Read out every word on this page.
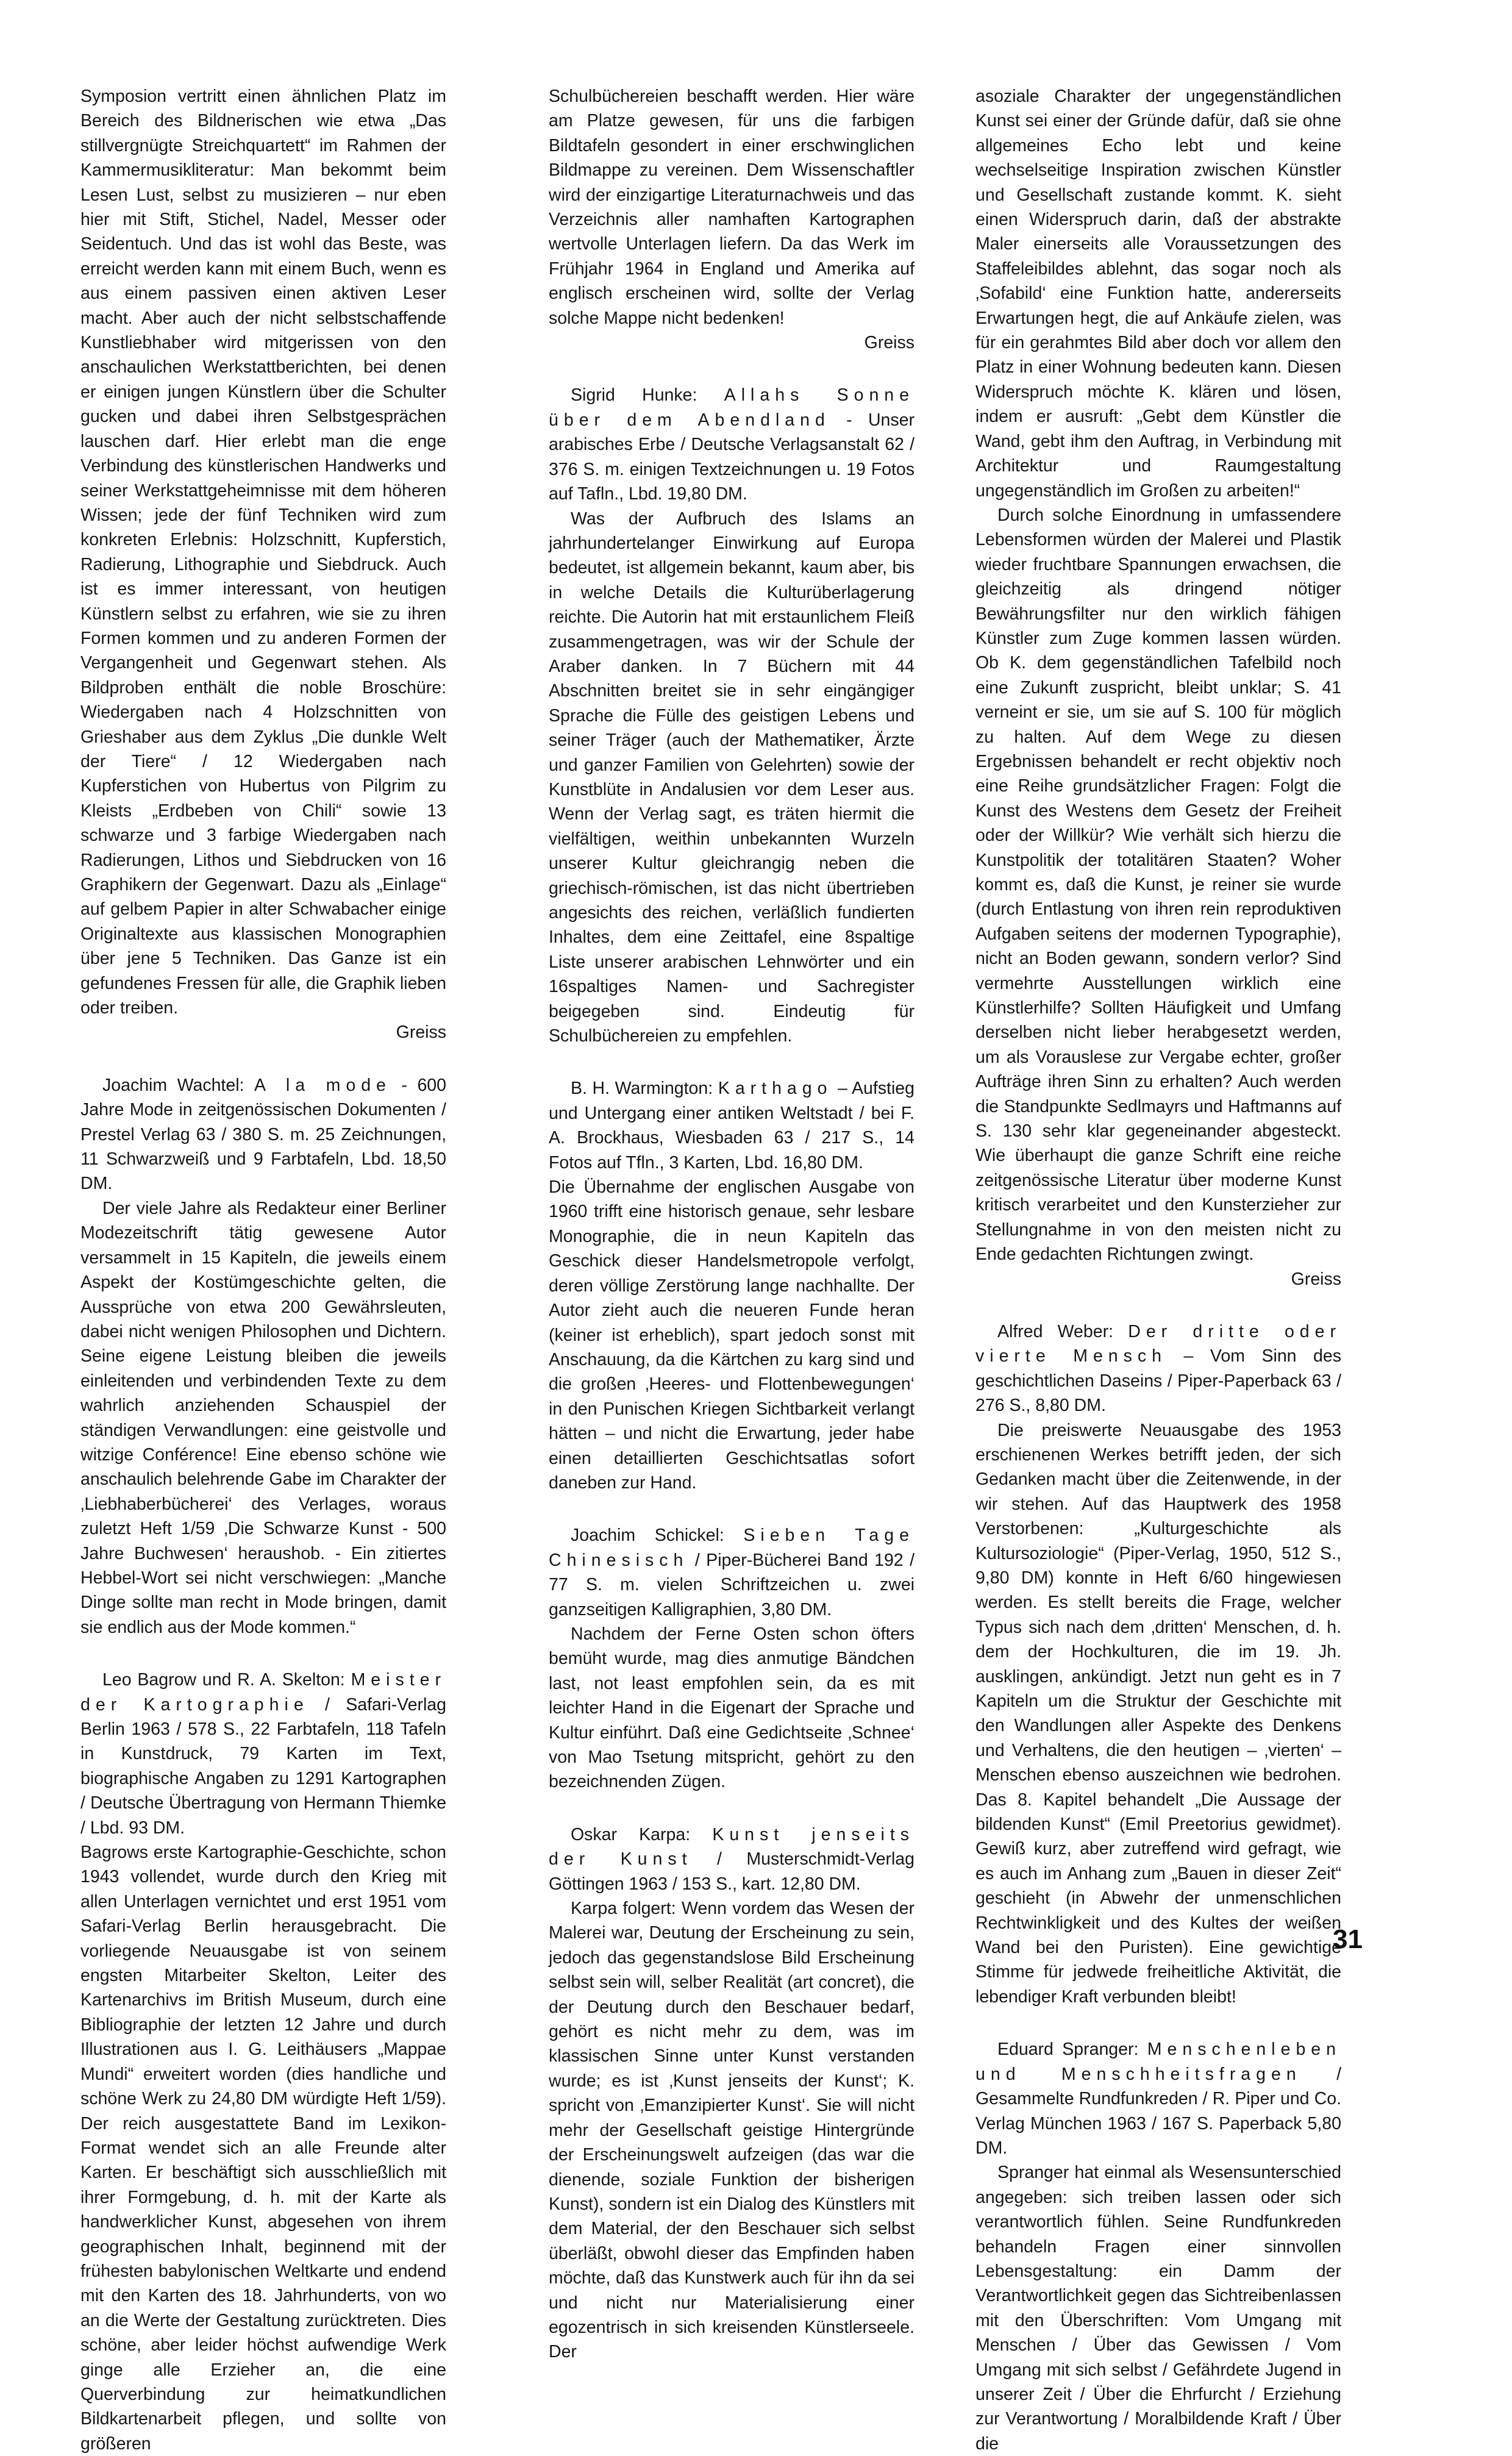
Symposion vertritt einen ähnlichen Platz im Bereich des Bildnerischen wie etwa „Das stillvergnügte Streichquartett“ im Rahmen der Kammermusikliteratur: Man bekommt beim Lesen Lust, selbst zu musizieren – nur eben hier mit Stift, Stichel, Nadel, Messer oder Seidentuch. Und das ist wohl das Beste, was erreicht werden kann mit einem Buch, wenn es aus einem passiven einen aktiven Leser macht. Aber auch der nicht selbstschaffende Kunstliebhaber wird mitgerissen von den anschaulichen Werkstattberichten, bei denen er einigen jungen Künstlern über die Schulter gucken und dabei ihren Selbstgesprächen lauschen darf. Hier erlebt man die enge Verbindung des künstlerischen Handwerks und seiner Werkstattgeheimnisse mit dem höheren Wissen; jede der fünf Techniken wird zum konkreten Erlebnis: Holzschnitt, Kupferstich, Radierung, Lithographie und Siebdruck. Auch ist es immer interessant, von heutigen Künstlern selbst zu erfahren, wie sie zu ihren Formen kommen und zu anderen Formen der Vergangenheit und Gegenwart stehen. Als Bildproben enthält die noble Broschüre: Wiedergaben nach 4 Holzschnitten von Grieshaber aus dem Zyklus „Die dunkle Welt der Tiere“ / 12 Wiedergaben nach Kupferstichen von Hubertus von Pilgrim zu Kleists „Erdbeben von Chili“ sowie 13 schwarze und 3 farbige Wiedergaben nach Radierungen, Lithos und Siebdrucken von 16 Graphikern der Gegenwart. Dazu als „Einlage“ auf gelbem Papier in alter Schwabacher einige Originaltexte aus klassischen Monographien über jene 5 Techniken. Das Ganze ist ein gefundenes Fressen für alle, die Graphik lieben oder treiben.

Greiss

Joachim Wachtel: A la mode - 600 Jahre Mode in zeitgenössischen Dokumenten / Prestel Verlag 63 / 380 S. m. 25 Zeichnungen, 11 Schwarzweiß und 9 Farbtafeln, Lbd. 18,50 DM.

Der viele Jahre als Redakteur einer Berliner Modezeitschrift tätig gewesene Autor versammelt in 15 Kapiteln, die jeweils einem Aspekt der Kostümgeschichte gelten, die Aussprüche von etwa 200 Gewährsleuten, dabei nicht wenigen Philosophen und Dichtern. Seine eigene Leistung bleiben die jeweils einleitenden und verbindenden Texte zu dem wahrlich anziehenden Schauspiel der ständigen Verwandlungen: eine geistvolle und witzige Conférence! Eine ebenso schöne wie anschaulich belehrende Gabe im Charakter der ‚Liebhaberbücherei‘ des Verlages, woraus zuletzt Heft 1/59 ‚Die Schwarze Kunst - 500 Jahre Buchwesen‘ heraushob. - Ein zitiertes Hebbel-Wort sei nicht verschwiegen: „Manche Dinge sollte man recht in Mode bringen, damit sie endlich aus der Mode kommen.“

Leo Bagrow und R. A. Skelton: Meister der Kartographie / Safari-Verlag Berlin 1963 / 578 S., 22 Farbtafeln, 118 Tafeln in Kunstdruck, 79 Karten im Text, biographische Angaben zu 1291 Kartographen / Deutsche Übertragung von Hermann Thiemke / Lbd. 93 DM.

Bagrows erste Kartographie-Geschichte, schon 1943 vollendet, wurde durch den Krieg mit allen Unterlagen vernichtet und erst 1951 vom Safari-Verlag Berlin herausgebracht. Die vorliegende Neuausgabe ist von seinem engsten Mitarbeiter Skelton, Leiter des Kartenarchivs im British Museum, durch eine Bibliographie der letzten 12 Jahre und durch Illustrationen aus I. G. Leithäusers „Mappae Mundi“ erweitert worden (dies handliche und schöne Werk zu 24,80 DM würdigte Heft 1/59). Der reich ausgestattete Band im Lexikon-Format wendet sich an alle Freunde alter Karten. Er beschäftigt sich ausschließlich mit ihrer Formgebung, d. h. mit der Karte als handwerklicher Kunst, abgesehen von ihrem geographischen Inhalt, beginnend mit der frühesten babylonischen Weltkarte und endend mit den Karten des 18. Jahrhunderts, von wo an die Werte der Gestaltung zurücktreten. Dies schöne, aber leider höchst aufwendige Werk ginge alle Erzieher an, die eine Querverbindung zur heimatkundlichen Bildkartenarbeit pflegen, und sollte von größeren

Schulbüchereien beschafft werden. Hier wäre am Platze gewesen, für uns die farbigen Bildtafeln gesondert in einer erschwinglichen Bildmappe zu vereinen. Dem Wissenschaftler wird der einzigartige Literaturnachweis und das Verzeichnis aller namhaften Kartographen wertvolle Unterlagen liefern. Da das Werk im Frühjahr 1964 in England und Amerika auf englisch erscheinen wird, sollte der Verlag solche Mappe nicht bedenken!

Greiss

Sigrid Hunke: Allahs Sonne über dem Abendland - Unser arabisches Erbe / Deutsche Verlagsanstalt 62 / 376 S. m. einigen Textzeichnungen u. 19 Fotos auf Tafln., Lbd. 19,80 DM.

Was der Aufbruch des Islams an jahrhundertelanger Einwirkung auf Europa bedeutet, ist allgemein bekannt, kaum aber, bis in welche Details die Kulturüberlagerung reichte. Die Autorin hat mit erstaunlichem Fleiß zusammengetragen, was wir der Schule der Araber danken. In 7 Büchern mit 44 Abschnitten breitet sie in sehr eingängiger Sprache die Fülle des geistigen Lebens und seiner Träger (auch der Mathematiker, Ärzte und ganzer Familien von Gelehrten) sowie der Kunstblüte in Andalusien vor dem Leser aus. Wenn der Verlag sagt, es träten hiermit die vielfältigen, weithin unbekannten Wurzeln unserer Kultur gleichrangig neben die griechisch-römischen, ist das nicht übertrieben angesichts des reichen, verläßlich fundierten Inhaltes, dem eine Zeittafel, eine 8spaltige Liste unserer arabischen Lehnwörter und ein 16spaltiges Namen- und Sachregister beigegeben sind. Eindeutig für Schulbüchereien zu empfehlen.

B. H. Warmington: Karthago – Aufstieg und Untergang einer antiken Weltstadt / bei F. A. Brockhaus, Wiesbaden 63 / 217 S., 14 Fotos auf Tfln., 3 Karten, Lbd. 16,80 DM.

Die Übernahme der englischen Ausgabe von 1960 trifft eine historisch genaue, sehr lesbare Monographie, die in neun Kapiteln das Geschick dieser Handelsmetropole verfolgt, deren völlige Zerstörung lange nachhallte. Der Autor zieht auch die neueren Funde heran (keiner ist erheblich), spart jedoch sonst mit Anschauung, da die Kärtchen zu karg sind und die großen ‚Heeres- und Flottenbewegungen‘ in den Punischen Kriegen Sichtbarkeit verlangt hätten – und nicht die Erwartung, jeder habe einen detaillierten Geschichtsatlas sofort daneben zur Hand.

Joachim Schickel: Sieben Tage Chinesisch / Piper-Bücherei Band 192 / 77 S. m. vielen Schriftzeichen u. zwei ganzseitigen Kalligraphien, 3,80 DM.

Nachdem der Ferne Osten schon öfters bemüht wurde, mag dies anmutige Bändchen last, not least empfohlen sein, da es mit leichter Hand in die Eigenart der Sprache und Kultur einführt. Daß eine Gedichtseite ‚Schnee‘ von Mao Tsetung mitspricht, gehört zu den bezeichnenden Zügen.

Oskar Karpa: Kunst jenseits der Kunst / Musterschmidt-Verlag Göttingen 1963 / 153 S., kart. 12,80 DM.

Karpa folgert: Wenn vordem das Wesen der Malerei war, Deutung der Erscheinung zu sein, jedoch das gegenstandslose Bild Erscheinung selbst sein will, selber Realität (art concret), die der Deutung durch den Beschauer bedarf, gehört es nicht mehr zu dem, was im klassischen Sinne unter Kunst verstanden wurde; es ist ‚Kunst jenseits der Kunst‘; K. spricht von ‚Emanzipierter Kunst‘. Sie will nicht mehr der Gesellschaft geistige Hintergründe der Erscheinungswelt aufzeigen (das war die dienende, soziale Funktion der bisherigen Kunst), sondern ist ein Dialog des Künstlers mit dem Material, der den Beschauer sich selbst überläßt, obwohl dieser das Empfinden haben möchte, daß das Kunstwerk auch für ihn da sei und nicht nur Materialisierung einer egozentrisch in sich kreisenden Künstlerseele. Der

asoziale Charakter der ungegenständlichen Kunst sei einer der Gründe dafür, daß sie ohne allgemeines Echo lebt und keine wechselseitige Inspiration zwischen Künstler und Gesellschaft zustande kommt. K. sieht einen Widerspruch darin, daß der abstrakte Maler einerseits alle Voraussetzungen des Staffeleibildes ablehnt, das sogar noch als ‚Sofabild‘ eine Funktion hatte, andererseits Erwartungen hegt, die auf Ankäufe zielen, was für ein gerahmtes Bild aber doch vor allem den Platz in einer Wohnung bedeuten kann. Diesen Widerspruch möchte K. klären und lösen, indem er ausruft: „Gebt dem Künstler die Wand, gebt ihm den Auftrag, in Verbindung mit Architektur und Raumgestaltung ungegenständlich im Großen zu arbeiten!“

Durch solche Einordnung in umfassendere Lebensformen würden der Malerei und Plastik wieder fruchtbare Spannungen erwachsen, die gleichzeitig als dringend nötiger Bewährungsfilter nur den wirklich fähigen Künstler zum Zuge kommen lassen würden. Ob K. dem gegenständlichen Tafelbild noch eine Zukunft zuspricht, bleibt unklar; S. 41 verneint er sie, um sie auf S. 100 für möglich zu halten. Auf dem Wege zu diesen Ergebnissen behandelt er recht objektiv noch eine Reihe grundsätzlicher Fragen: Folgt die Kunst des Westens dem Gesetz der Freiheit oder der Willkür? Wie verhält sich hierzu die Kunstpolitik der totalitären Staaten? Woher kommt es, daß die Kunst, je reiner sie wurde (durch Entlastung von ihren rein reproduktiven Aufgaben seitens der modernen Typographie), nicht an Boden gewann, sondern verlor? Sind vermehrte Ausstellungen wirklich eine Künstlerhilfe? Sollten Häufigkeit und Umfang derselben nicht lieber herabgesetzt werden, um als Vorauslese zur Vergabe echter, großer Aufträge ihren Sinn zu erhalten? Auch werden die Standpunkte Sedlmayrs und Haftmanns auf S. 130 sehr klar gegeneinander abgesteckt. Wie überhaupt die ganze Schrift eine reiche zeitgenössische Literatur über moderne Kunst kritisch verarbeitet und den Kunsterzieher zur Stellungnahme in von den meisten nicht zu Ende gedachten Richtungen zwingt.

Greiss

Alfred Weber: Der dritte oder vierte Mensch – Vom Sinn des geschichtlichen Daseins / Piper-Paperback 63 / 276 S., 8,80 DM.

Die preiswerte Neuausgabe des 1953 erschienenen Werkes betrifft jeden, der sich Gedanken macht über die Zeitenwende, in der wir stehen. Auf das Hauptwerk des 1958 Verstorbenen: „Kulturgeschichte als Kultursoziologie“ (Piper-Verlag, 1950, 512 S., 9,80 DM) konnte in Heft 6/60 hingewiesen werden. Es stellt bereits die Frage, welcher Typus sich nach dem ‚dritten‘ Menschen, d. h. dem der Hochkulturen, die im 19. Jh. ausklingen, ankündigt. Jetzt nun geht es in 7 Kapiteln um die Struktur der Geschichte mit den Wandlungen aller Aspekte des Denkens und Verhaltens, die den heutigen – ‚vierten‘ – Menschen ebenso auszeichnen wie bedrohen. Das 8. Kapitel behandelt „Die Aussage der bildenden Kunst“ (Emil Preetorius gewidmet). Gewiß kurz, aber zutreffend wird gefragt, wie es auch im Anhang zum „Bauen in dieser Zeit“ geschieht (in Abwehr der unmenschlichen Rechtwinkligkeit und des Kultes der weißen Wand bei den Puristen). Eine gewichtige Stimme für jedwede freiheitliche Aktivität, die lebendiger Kraft verbunden bleibt!

Eduard Spranger: Menschenleben und Menschheitsfragen / Gesammelte Rundfunkreden / R. Piper und Co. Verlag München 1963 / 167 S. Paperback 5,80 DM.

Spranger hat einmal als Wesensunterschied angegeben: sich treiben lassen oder sich verantwortlich fühlen. Seine Rundfunkreden behandeln Fragen einer sinnvollen Lebensgestaltung: ein Damm der Verantwortlichkeit gegen das Sichtreibenlassen mit den Überschriften: Vom Umgang mit Menschen / Über das Gewissen / Vom Umgang mit sich selbst / Gefährdete Jugend in unserer Zeit / Über die Ehrfurcht / Erziehung zur Verantwortung / Moralbildende Kraft / Über die

31
